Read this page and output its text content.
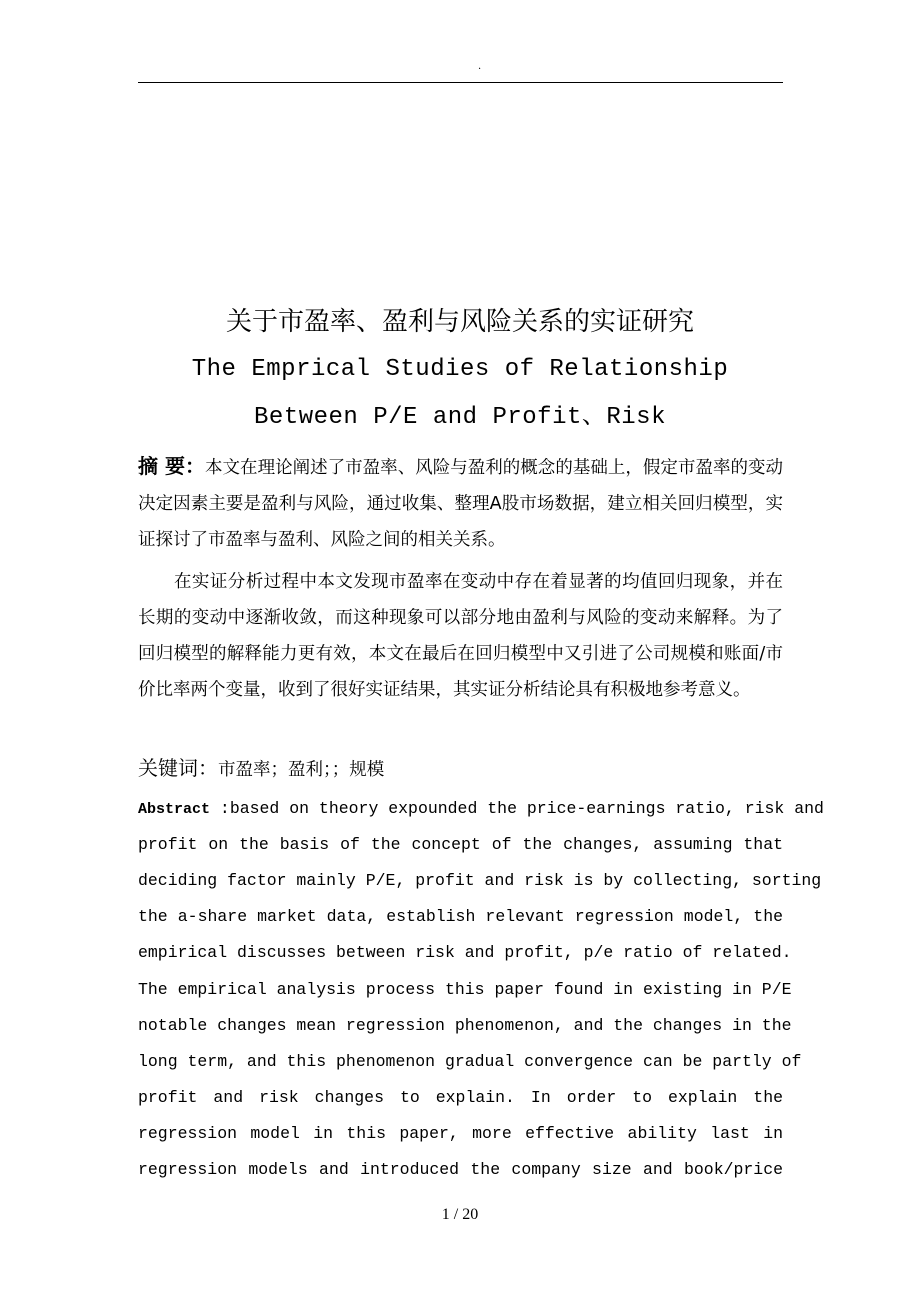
.
关于市盈率、盈利与风险关系的实证研究
The Emprical Studies of Relationship
Between P/E and Profit、Risk
摘 要：本文在理论阐述了市盈率、风险与盈利的概念的基础上，假定市盈率的变动决定因素主要是盈利与风险，通过收集、整理A股市场数据，建立相关回归模型，实证探讨了市盈率与盈利、风险之间的相关关系。
在实证分析过程中本文发现市盈率在变动中存在着显著的均值回归现象，并在长期的变动中逐渐收敛，而这种现象可以部分地由盈利与风险的变动来解释。为了回归模型的解释能力更有效，本文在最后在回归模型中又引进了公司规模和账面/市价比率两个变量，收到了很好实证结果，其实证分析结论具有积极地参考意义。
关键词：市盈率；盈利；；规模
Abstract :based on theory expounded the price-earnings ratio, risk and
profit on the basis of the concept of the changes, assuming that
deciding factor mainly P/E, profit and risk is by collecting, sorting
the a-share market data, establish relevant regression model, the
empirical discusses between risk and profit, p/e ratio of related.
The empirical analysis process this paper found in existing in P/E
notable changes mean regression phenomenon, and the changes in the
long term, and this phenomenon gradual convergence can be partly of
profit and risk changes to explain. In order to explain the
regression model in this paper, more effective ability last in
regression models and introduced the company size and book/price
1 / 20
